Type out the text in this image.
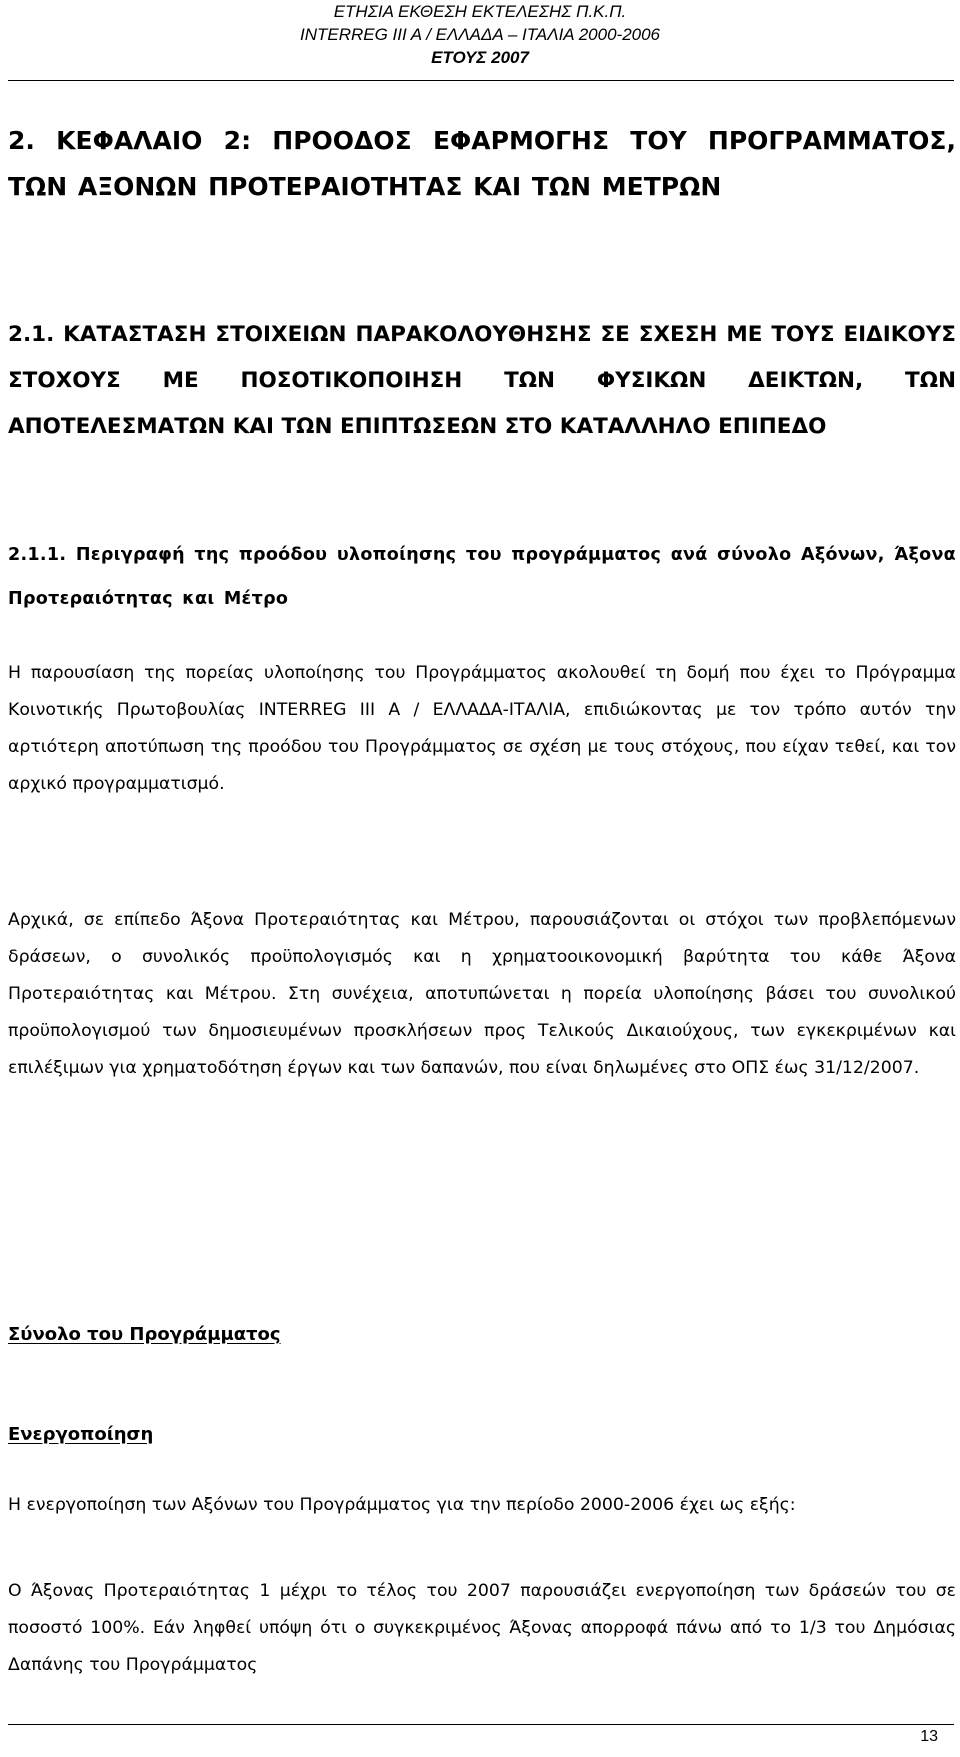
ΕΤΗΣΙΑ ΕΚΘΕΣΗ ΕΚΤΕΛΕΣΗΣ Π.Κ.Π.
INTERREG III A / ΕΛΛΑΔΑ – ΙΤΑΛΙΑ 2000-2006
ΕΤΟΥΣ 2007
2. ΚΕΦΑΛΑΙΟ 2: ΠΡΟΟΔΟΣ ΕΦΑΡΜΟΓΗΣ ΤΟΥ ΠΡΟΓΡΑΜΜΑΤΟΣ, ΤΩΝ ΑΞΟΝΩΝ ΠΡΟΤΕΡΑΙΟΤΗΤΑΣ ΚΑΙ ΤΩΝ ΜΕΤΡΩΝ
2.1. ΚΑΤΑΣΤΑΣΗ ΣΤΟΙΧΕΙΩΝ ΠΑΡΑΚΟΛΟΥΘΗΣΗΣ ΣΕ ΣΧΕΣΗ ΜΕ ΤΟΥΣ ΕΙΔΙΚΟΥΣ ΣΤΟΧΟΥΣ ΜΕ ΠΟΣΟΤΙΚΟΠΟΙΗΣΗ ΤΩΝ ΦΥΣΙΚΩΝ ΔΕΙΚΤΩΝ, ΤΩΝ ΑΠΟΤΕΛΕΣΜΑΤΩΝ ΚΑΙ ΤΩΝ ΕΠΙΠΤΩΣΕΩΝ ΣΤΟ ΚΑΤΑΛΛΗΛΟ ΕΠΙΠΕΔΟ
2.1.1. Περιγραφή της προόδου υλοποίησης του προγράμματος ανά σύνολο Αξόνων, Άξονα Προτεραιότητας και Μέτρο
Η παρουσίαση της πορείας υλοποίησης του Προγράμματος ακολουθεί τη δομή που έχει το Πρόγραμμα Κοινοτικής Πρωτοβουλίας INTERREG III A / ΕΛΛΑΔΑ-ΙΤΑΛΙΑ, επιδιώκοντας με τον τρόπο αυτόν την αρτιότερη αποτύπωση της προόδου του Προγράμματος σε σχέση με τους στόχους, που είχαν τεθεί, και τον αρχικό προγραμματισμό.
Αρχικά, σε επίπεδο Άξονα Προτεραιότητας και Μέτρου, παρουσιάζονται οι στόχοι των προβλεπόμενων δράσεων, ο συνολικός προϋπολογισμός και η χρηματοοικονομική βαρύτητα του κάθε Άξονα Προτεραιότητας και Μέτρου. Στη συνέχεια, αποτυπώνεται η πορεία υλοποίησης βάσει του συνολικού προϋπολογισμού των δημοσιευμένων προσκλήσεων προς Τελικούς Δικαιούχους, των εγκεκριμένων και επιλέξιμων για χρηματοδότηση έργων και των δαπανών, που είναι δηλωμένες στο ΟΠΣ έως 31/12/2007.
Σύνολο του Προγράμματος
Ενεργοποίηση
Η ενεργοποίηση των Αξόνων του Προγράμματος για την περίοδο 2000-2006 έχει ως εξής:
Ο Άξονας Προτεραιότητας 1 μέχρι το τέλος του 2007 παρουσιάζει ενεργοποίηση των δράσεών του σε ποσοστό 100%. Εάν ληφθεί υπόψη ότι ο συγκεκριμένος Άξονας απορροφά πάνω από το 1/3 του Δημόσιας Δαπάνης του Προγράμματος
13
